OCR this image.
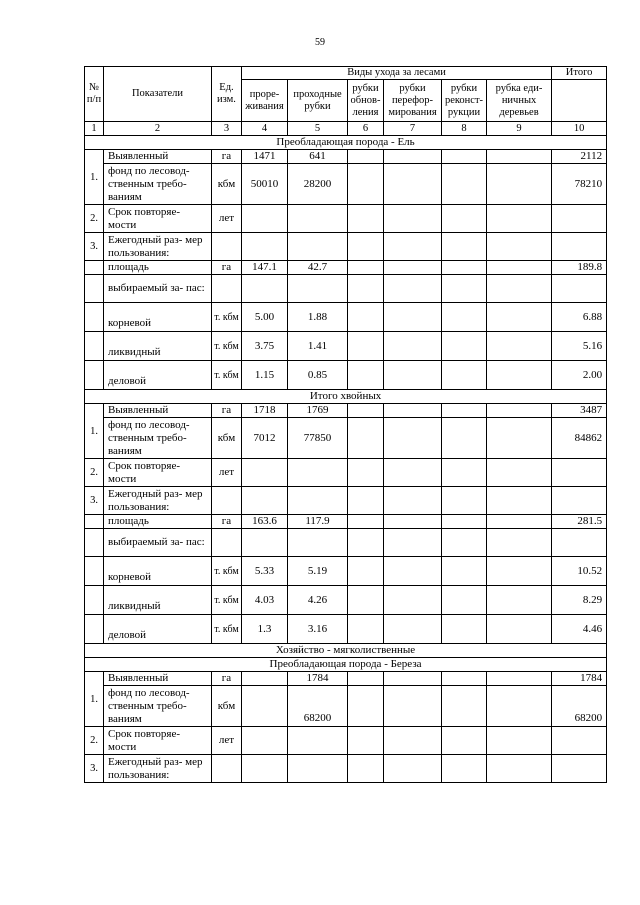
59
№ п/п	Показатели	Ед. изм.	Виды ухода за лесами						Итого
			прорe- живания	проходные рубки	рубки обнов- ления	рубки перефор- мирования	рубки реконст- рукции	рубка еди- ничных деревьев	
1	2	3	4	5	6	7	8	9	10
Преобладающая порода - Ель									
1.	Выявленный	га	1471	641					2112
	фонд по лесовод- ственным требо- ваниям	кбм	50010	28200					78210
2.	Срок повторяе- мости	лет							
3.	Ежегодный раз- мер пользования:								
	площадь	га	147.1	42.7					189.8
	выбираемый за- пас:								
	корневой	т. кбм	5.00	1.88					6.88
	ликвидный	т. кбм	3.75	1.41					5.16
	деловой	т. кбм	1.15	0.85					2.00
Итого хвойных									
1.	Выявленный	га	1718	1769					3487
	фонд по лесовод- ственным требо- ваниям	кбм	7012	77850					84862
2.	Срок повторяе- мости	лет							
3.	Ежегодный раз- мер пользования:								
	площадь	га	163.6	117.9					281.5
	выбираемый за- пас:								
	корневой	т. кбм	5.33	5.19					10.52
	ликвидный	т. кбм	4.03	4.26					8.29
	деловой	т. кбм	1.3	3.16					4.46
Хозяйство - мягколиственные									
Преобладающая порода - Береза									
1.	Выявленный	га		1784					1784
	фонд по лесовод- ственным требо- ваниям	кбм		68200					68200
2.	Срок повторяе- мости	лет							
3.	Ежегодный раз- мер пользования:								
